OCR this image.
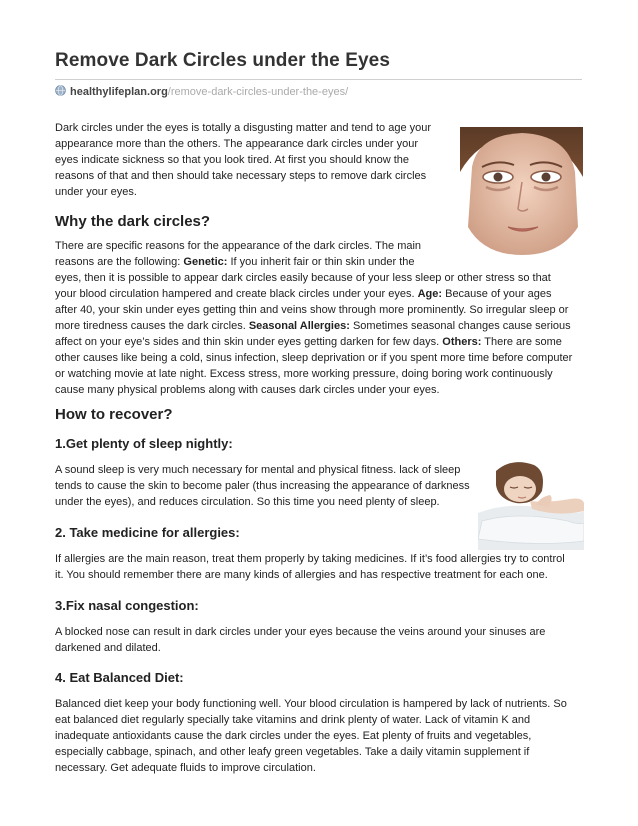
Remove Dark Circles under the Eyes
healthylifeplan.org/remove-dark-circles-under-the-eyes/

Dark circles under the eyes is totally a disgusting matter and tend to age your

appearance more than the others. The appearance dark circles under your

eyes indicate sickness so that you look tired. At first you should know the

reasons of that and then should take necessary steps to remove dark circles

under your eyes.

Why the dark circles?

There are specific reasons for the appearance of the dark circles. The main

reasons are the following: Genetic: If you inherit fair or thin skin under the

eyes, then it is possible to appear dark circles easily because of your less sleep or other stress so that

your blood circulation hampered and create black circles under your eyes. Age: Because of your ages

after 40, your skin under eyes getting thin and veins show through more prominently. So irregular sleep or

more tiredness causes the dark circles. Seasonal Allergies: Sometimes seasonal changes cause serious

affect on your eye’s sides and thin skin under eyes getting darken for few days. Others: There are some

other causes like being a cold, sinus infection, sleep deprivation or if you spent more time before computer

or watching movie at late night. Excess stress, more working pressure, doing boring work continuously

cause many physical problems along with causes dark circles under your eyes.

How to recover?
1.Get plenty of sleep nightly:

A sound sleep is very much necessary for mental and physical fitness. lack of sleep

tends to cause the skin to become paler (thus increasing the appearance of darkness

under the eyes), and reduces circulation. So this time you need plenty of sleep.

2. Take medicine for allergies:

If allergies are the main reason, treat them properly by taking medicines. If it’s food allergies try to control

it. You should remember there are many kinds of allergies and has respective treatment for each one.

3.Fix nasal congestion:

A blocked nose can result in dark circles under your eyes because the veins around your sinuses are

darkened and dilated.

4. Eat Balanced Diet:

Balanced diet keep your body functioning well. Your blood circulation is hampered by lack of nutrients. So

eat balanced diet regularly specially take vitamins and drink plenty of water. Lack of vitamin K and

inadequate antioxidants cause the dark circles under the eyes. Eat plenty of fruits and vegetables,

especially cabbage, spinach, and other leafy green vegetables. Take a daily vitamin supplement if

necessary. Get adequate fluids to improve circulation.
